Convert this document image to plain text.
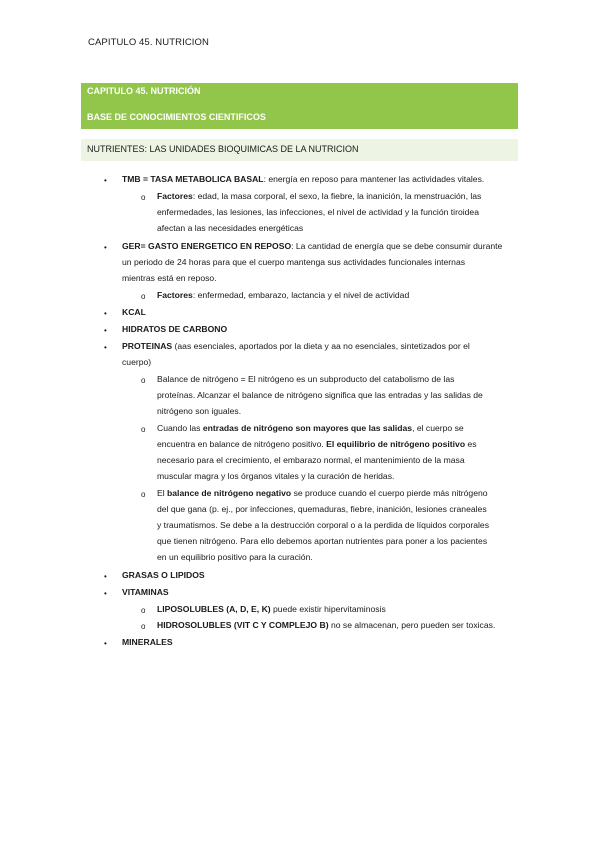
CAPITULO 45. NUTRICION
CAPITULO 45. NUTRICIÓN
BASE DE CONOCIMIENTOS CIENTIFICOS
NUTRIENTES: LAS UNIDADES BIOQUIMICAS DE LA NUTRICION
• TMB = TASA METABOLICA BASAL: energía en reposo para mantener las actividades vitales.
o Factores: edad, la masa corporal, el sexo, la fiebre, la inanición, la menstruación, las
enfermedades, las lesiones, las infecciones, el nivel de actividad y la función tiroidea
afectan a las necesidades energéticas
• GER= GASTO ENERGETICO EN REPOSO: La cantidad de energía que se debe consumir durante
un periodo de 24 horas para que el cuerpo mantenga sus actividades funcionales internas
mientras está en reposo.
o Factores: enfermedad, embarazo, lactancia y el nivel de actividad
• KCAL
• HIDRATOS DE CARBONO
• PROTEINAS (aas esenciales, aportados por la dieta y aa no esenciales, sintetizados por el
cuerpo)
o Balance de nitrógeno = El nitrógeno es un subproducto del catabolismo de las
proteínas. Alcanzar el balance de nitrógeno significa que las entradas y las salidas de
nitrógeno son iguales.
o Cuando las entradas de nitrógeno son mayores que las salidas, el cuerpo se
encuentra en balance de nitrógeno positivo. El equilibrio de nitrógeno positivo es
necesario para el crecimiento, el embarazo normal, el mantenimiento de la masa
muscular magra y los órganos vitales y la curación de heridas.
o El balance de nitrógeno negativo se produce cuando el cuerpo pierde más nitrógeno
del que gana (p. ej., por infecciones, quemaduras, fiebre, inanición, lesiones craneales
y traumatismos. Se debe a la destrucción corporal o a la perdida de líquidos corporales
que tienen nitrógeno. Para ello debemos aportan nutrientes para poner a los pacientes
en un equilibrio positivo para la curación.
• GRASAS O LIPIDOS
• VITAMINAS
o LIPOSOLUBLES (A, D, E, K) puede existir hipervitaminosis
o HIDROSOLUBLES (VIT C Y COMPLEJO B) no se almacenan, pero pueden ser toxicas.
• MINERALES
